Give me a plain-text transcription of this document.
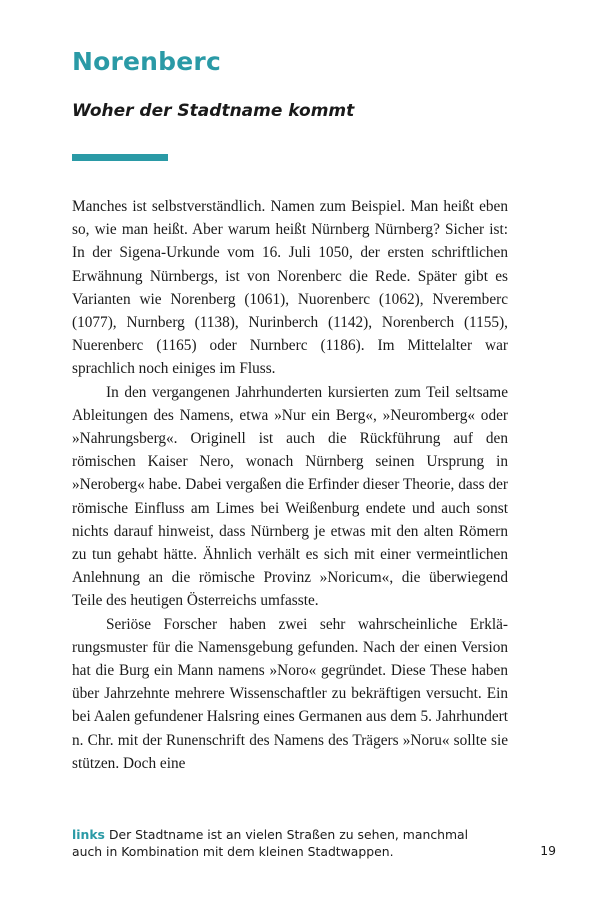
Norenberc
Woher der Stadtname kommt

Manches ist selbstverständlich. Namen zum Beispiel. Man heißt eben so, wie man heißt. Aber warum heißt Nürnberg Nürnberg? Sicher ist: In der Sigena-Urkunde vom 16. Juli 1050, der ersten schriftlichen Erwähnung Nürnbergs, ist von Norenberc die Rede. Später gibt es Varianten wie Norenberg (1061), Nuorenberc (1062), Nveremberc (1077), Nurnberg (1138), Nurinberch (1142), Norenberch (1155), Nuerenberc (1165) oder Nurnberc (1186). Im Mittelalter war sprachlich noch einiges im Fluss.

In den vergangenen Jahrhunderten kursierten zum Teil seltsame Ableitungen des Namens, etwa »Nur ein Berg«, »Neuromberg« oder »Nahrungsberg«. Originell ist auch die Rückführung auf den römischen Kaiser Nero, wonach Nürnberg seinen Ursprung in »Neroberg« habe. Dabei vergaßen die Erfinder dieser Theorie, dass der römische Einfluss am Limes bei Weißenburg endete und auch sonst nichts darauf hinweist, dass Nürnberg je etwas mit den alten Römern zu tun gehabt hätte. Ähnlich verhält es sich mit einer vermeintlichen Anlehnung an die römische Provinz »Noricum«, die überwiegend Teile des heutigen Österreichs umfasste.

Seriöse Forscher haben zwei sehr wahrscheinliche Erklärungsmuster für die Namensgebung gefunden. Nach der einen Version hat die Burg ein Mann namens »Noro« gegründet. Diese These haben über Jahrzehnte mehrere Wissenschaftler zu bekräftigen versucht. Ein bei Aalen gefundener Halsring eines Germanen aus dem 5. Jahrhundert n. Chr. mit der Runenschrift des Namens des Trägers »Noru« sollte sie stützen. Doch eine

links Der Stadtname ist an vielen Straßen zu sehen, manchmal auch in Kombination mit dem kleinen Stadtwappen.	19
